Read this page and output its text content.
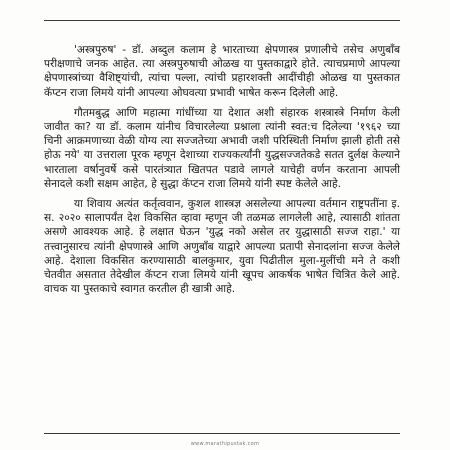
'अस्त्रपुरुष' - डॉ. अब्दुल कलाम हे भारताच्या क्षेपणास्त्र प्रणालीचे तसेच अणुबॉंब परीक्षणाचे जनक आहेत. त्या अस्त्रपुरुषाची ओळख या पुस्तकाद्वारे होते. त्याचप्रमाणे आपल्या क्षेपणास्त्रांच्या वैशिष्ट्यांची, त्यांचा पल्ला, त्यांची प्रहारशक्ती आदींचीही ओळख या पुस्तकात कॅप्टन राजा लिमये यांनी आपल्या ओघवत्या प्रभावी भाषेत करून दिलेली आहे.

गौतमबुद्ध आणि महात्मा गांधींच्या या देशात अशी संहारक शस्त्रास्त्रे निर्माण केली जावीत का? या डॉ. कलाम यांनीच विचारलेल्या प्रश्नाला त्यांनी स्वत:च दिलेल्या '१९६२ च्या चिनी आक्रमणाच्या वेळी योग्य त्या सज्जतेच्या अभावी जशी परिस्थिती निर्माण झाली होती तसे होऊ नये' या उत्तराला पूरक म्हणून देशाच्या राज्यकर्त्यांनी युद्धसज्जतेकडे सतत दुर्लक्ष केल्याने भारताला वर्षानुवर्षे कसे पारतंत्र्यात खितपत पडावे लागले याचेही वर्णन करताना आपली सेनादले कशी सक्षम आहेत, हे सुद्धा कॅप्टन राजा लिमये यांनी स्पष्ट केलेले आहे.

या शिवाय अत्यंत कर्तृत्ववान, कुशल शास्त्रज्ञ असलेल्या आपल्या वर्तमान राष्ट्रपतींना इ. स. २०२० सालापर्यंत देश विकसित व्हावा म्हणून जी तळमळ लागलेली आहे, त्यासाठी शांतता असणे आवश्यक आहे. हे लक्षात घेऊन 'युद्ध नको असेल तर युद्धासाठी सज्ज राहा.' या तत्त्वानुसारच त्यांनी क्षेपणास्त्रे आणि अणुबॉंब याद्वारे आपल्या प्रतापी सेनादलांना सज्ज केलेले आहे. देशाला विकसित करण्यासाठी बालकुमार, युवा पिढीतील मुला-मुलींची मने ते कशी चेतवीत असतात तेदेखील कॅप्टन राजा लिमये यांनी खूपच आकर्षक भाषेत चित्रित केले आहे. वाचक या पुस्तकाचे स्वागत करतील ही खात्री आहे.

www.marathipustak.com
